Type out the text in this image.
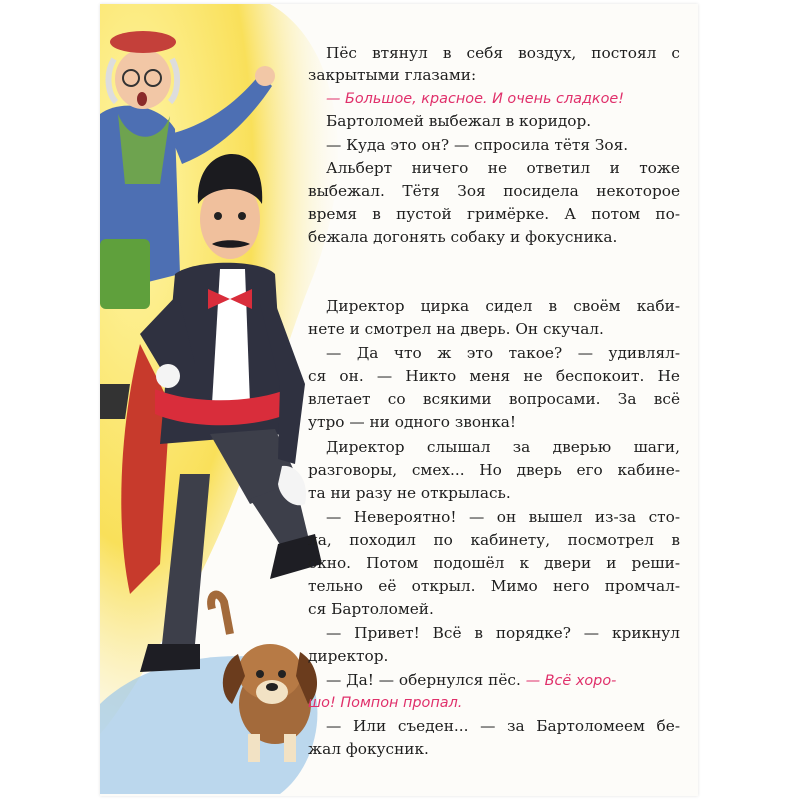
Пёс втянул в себя воздух, постоял с
закрытыми глазами:
— Большое, красное. И очень сладкое!
Бартоломей выбежал в коридор.
— Куда это он? — спросила тётя Зоя.
Альберт ничего не ответил и тоже
выбежал. Тётя Зоя посидела некоторое
время в пустой гримёрке. А потом по-
бежала догонять собаку и фокусника.
Директор цирка сидел в своём каби-
нете и смотрел на дверь. Он скучал.
— Да что ж это такое? — удивлял-
ся он. — Никто меня не беспокоит. Не
влетает со всякими вопросами. За всё
утро — ни одного звонка!
Директор слышал за дверью шаги,
разговоры, смех... Но дверь его кабине-
та ни разу не открылась.
— Невероятно! — он вышел из-за сто-
ла, походил по кабинету, посмотрел в
окно. Потом подошёл к двери и реши-
тельно её открыл. Мимо него промчал-
ся Бартоломей.
— Привет! Всё в порядке? — крикнул
директор.
— Да! — обернулся пёс. — Всё хоро-
шо! Помпон пропал.
— Или съеден... — за Бартоломеем бе-
жал фокусник.
